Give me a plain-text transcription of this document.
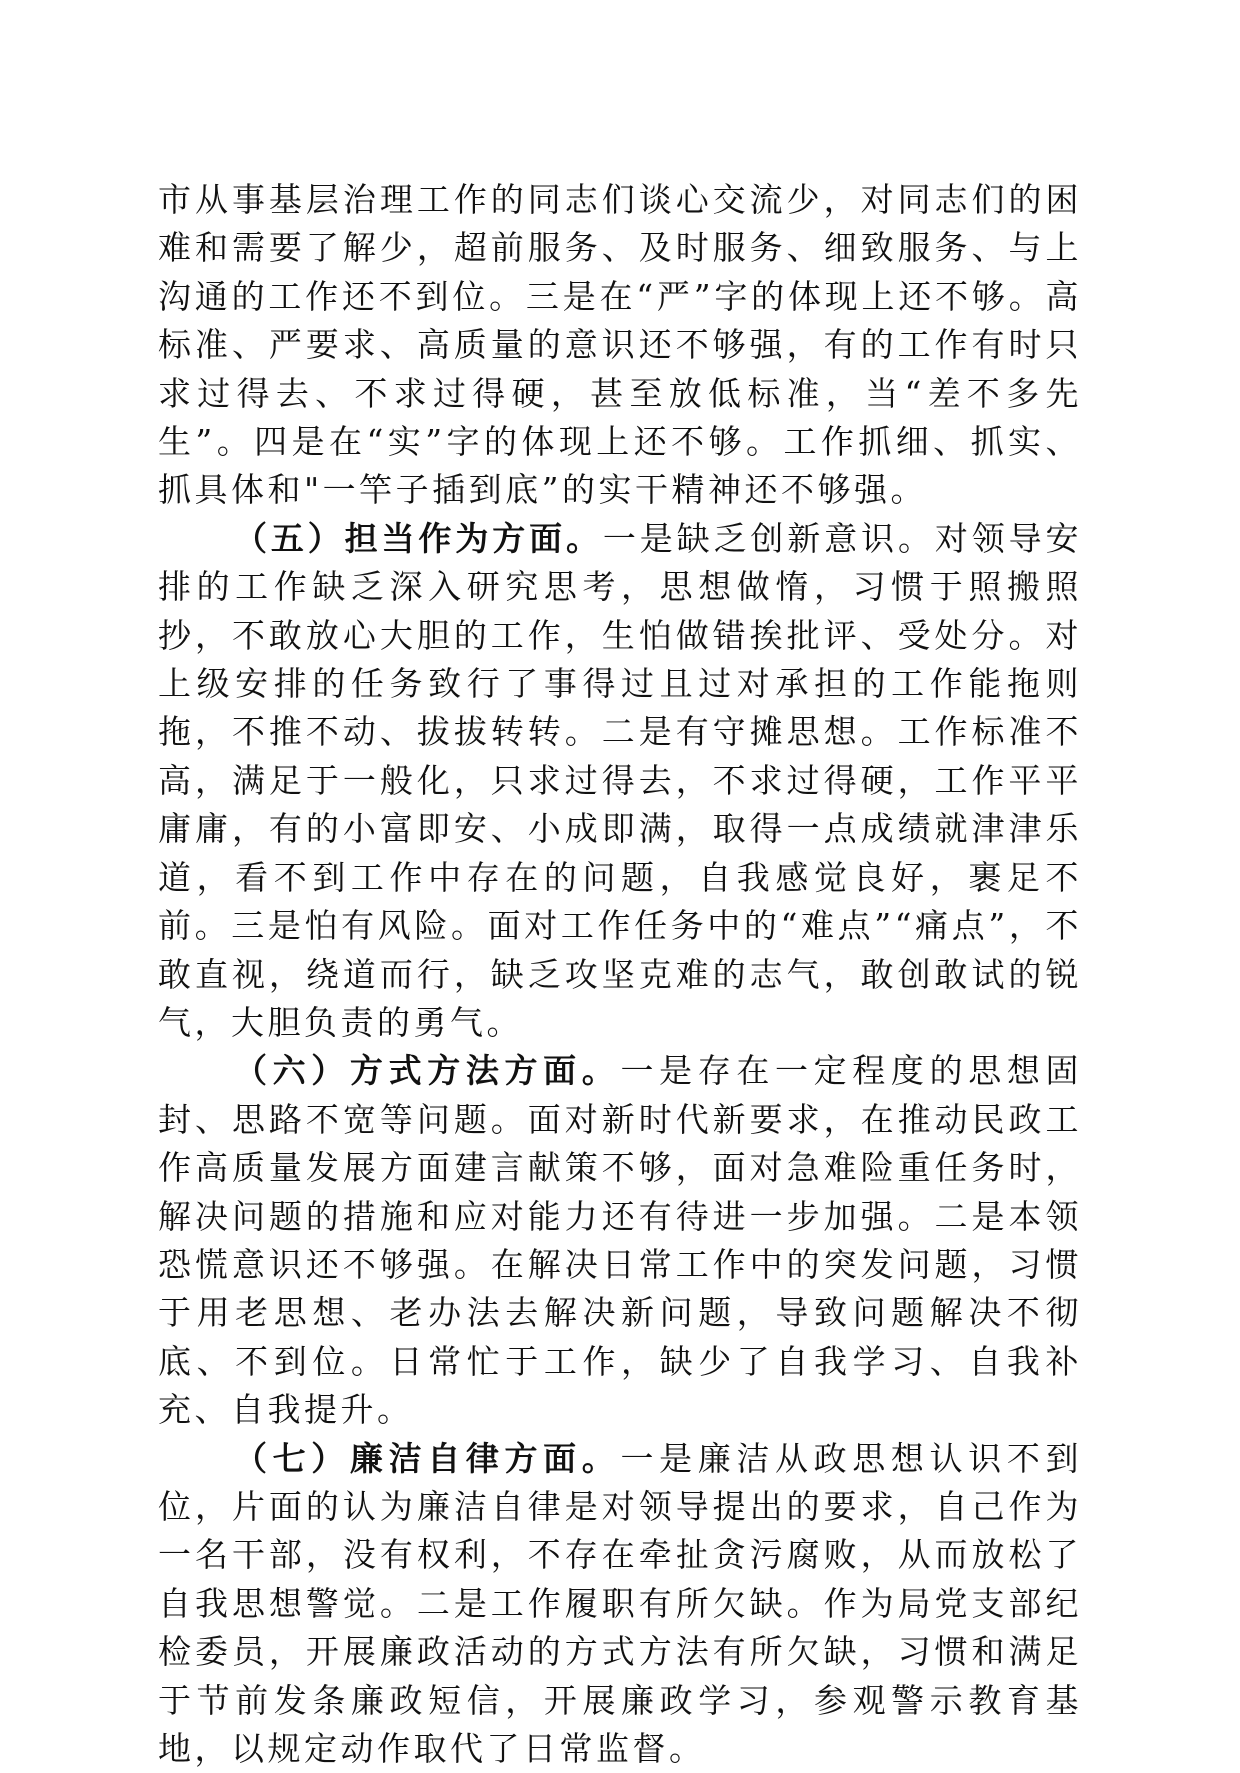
市从事基层治理工作的同志们谈心交流少，对同志们的困难和需要了解少，超前服务、及时服务、细致服务、与上沟通的工作还不到位。三是在“严”字的体现上还不够。高标准、严要求、高质量的意识还不够强，有的工作有时只求过得去、不求过得硬，甚至放低标准，当“差不多先生”。四是在“实”字的体现上还不够。工作抓细、抓实、抓具体和"一竿子插到底”的实干精神还不够强。

（五）担当作为方面。一是缺乏创新意识。对领导安排的工作缺乏深入研究思考，思想做惰，习惯于照搬照抄，不敢放心大胆的工作，生怕做错挨批评、受处分。对上级安排的任务致行了事得过且过对承担的工作能拖则拖，不推不动、拔拔转转。二是有守摊思想。工作标准不高，满足于一般化，只求过得去，不求过得硬，工作平平庸庸，有的小富即安、小成即满，取得一点成绩就津津乐道，看不到工作中存在的问题，自我感觉良好，裹足不前。三是怕有风险。面对工作任务中的“难点”“痛点”，不敢直视，绕道而行，缺乏攻坚克难的志气，敢创敢试的锐气，大胆负责的勇气。

（六）方式方法方面。一是存在一定程度的思想固封、思路不宽等问题。面对新时代新要求，在推动民政工作高质量发展方面建言献策不够，面对急难险重任务时，解决问题的措施和应对能力还有待进一步加强。二是本领恐慌意识还不够强。在解决日常工作中的突发问题，习惯于用老思想、老办法去解决新问题，导致问题解决不彻底、不到位。日常忙于工作，缺少了自我学习、自我补充、自我提升。

（七）廉洁自律方面。一是廉洁从政思想认识不到位，片面的认为廉洁自律是对领导提出的要求，自己作为一名干部，没有权利，不存在牵扯贪污腐败，从而放松了自我思想警觉。二是工作履职有所欠缺。作为局党支部纪检委员，开展廉政活动的方式方法有所欠缺，习惯和满足于节前发条廉政短信，开展廉政学习，参观警示教育基地，以规定动作取代了日常监督。
